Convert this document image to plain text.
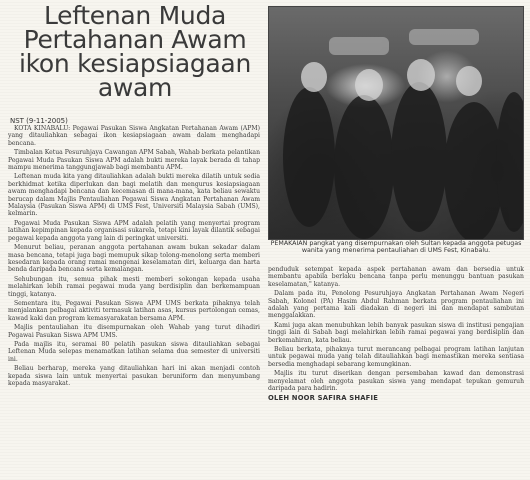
Leftenan Muda
Pertahanan Awam
ikon kesiapsiagaan
awam
NST (9-11-2005)

KOTA KINABALU: Pegawai Pasukan Siswa Angkatan Pertahanan Awam (APM) yang ditauliahkan sebagai ikon kesiapsiagaan awam dalam menghadapi bencana.

Timbalan Ketua Pesuruhjaya Cawangan APM Sabah, Wahab berkata pelantikan Pegawai Muda Pasukan Siswa APM adalah bukti mereka layak berada di tahap mampu menerima tanggungjawab bagi membantu APM.

Leftenan muda kita yang ditauliahkan adalah bukti mereka dilatih untuk sedia berkhidmat ketika diperlukan dan bagi melatih dan mengurus kesiapsiagaan awam menghadapi bencana dan kecemasan di mana-mana, kata beliau sewaktu berucap dalam Majlis Pentauliahan Pegawai Siswa Angkatan Pertahanan Awam Malaysia (Pasukan Siswa APM) di UMS Fest, Universiti Malaysia Sabah (UMS), kelmarin.

Pegawai Muda Pasukan Siswa APM adalah pelatih yang menyertai program latihan kepimpinan kepada organisasi sukarela, tetapi kini layak dilantik sebagai pegawai kepada anggota yang lain di peringkat universiti.

Menurut beliau, peranan anggota pertahanan awam bukan sekadar dalam masa bencana, tetapi juga bagi memupuk sikap tolong-menolong serta memberi kesedaran kepada orang ramai mengenai keselamatan diri, keluarga dan harta benda daripada bencana serta kemalangan.

Sehubungan itu, semua pihak mesti memberi sokongan kepada usaha melahirkan lebih ramai pegawai muda yang berdisiplin dan berkemampuan tinggi, katanya.

Sementara itu, Pegawai Pasukan Siswa APM UMS berkata pihaknya telah menjalankan pelbagai aktiviti termasuk latihan asas, kursus pertolongan cemas, kawad kaki dan program kemasyarakatan bersama APM.

Majlis pentauliahan itu disempurnakan oleh Wahab yang turut dihadiri Pegawai Pasukan Siswa APM UMS.

Pada majlis itu, seramai 80 pelatih pasukan siswa ditauliahkan sebagai Leftenan Muda selepas menamatkan latihan selama dua semester di universiti ini.

Beliau berharap, mereka yang ditauliahkan hari ini akan menjadi contoh kepada siswa lain untuk menyertai pasukan beruniform dan menyumbang kepada masyarakat.

PEMAKAIAN pangkat yang disempurnakan oleh Sultan kepada anggota petugas wanita yang menerima pentauliahan di UMS Fest, Kinabalu.

penduduk setempat kepada aspek pertahanan awam dan bersedia untuk membantu apabila berlaku bencana tanpa perlu menunggu bantuan pasukan keselamatan," katanya.

Dalam pada itu, Penolong Pesuruhjaya Angkatan Pertahanan Awam Negeri Sabah, Kolonel (PA) Hasim Abdul Rahman berkata program pentauliahan ini adalah yang pertama kali diadakan di negeri ini dan mendapat sambutan menggalakkan.

Kami juga akan menubuhkan lebih banyak pasukan siswa di institusi pengajian tinggi lain di Sabah bagi melahirkan lebih ramai pegawai yang berdisiplin dan berkemahiran, kata beliau.

Beliau berkata, pihaknya turut merancang pelbagai program latihan lanjutan untuk pegawai muda yang telah ditauliahkan bagi memastikan mereka sentiasa bersedia menghadapi sebarang kemungkinan.

Majlis itu turut diserikan dengan persembahan kawad dan demonstrasi menyelamat oleh anggota pasukan siswa yang mendapat tepukan gemuruh daripada para hadirin.

OLEH NOOR SAFIRA SHAFIE
